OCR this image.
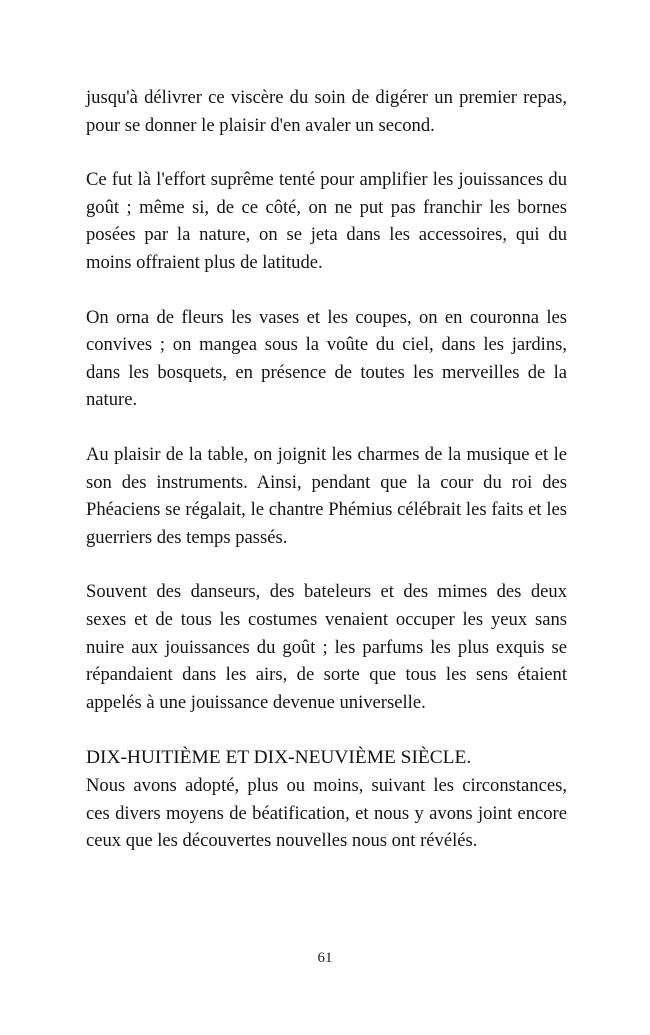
jusqu'à délivrer ce viscère du soin de digérer un premier repas, pour se donner le plaisir d'en avaler un second.

Ce fut là l'effort suprême tenté pour amplifier les jouissances du goût ; même si, de ce côté, on ne put pas franchir les bornes posées par la nature, on se jeta dans les accessoires, qui du moins offraient plus de latitude.

On orna de fleurs les vases et les coupes, on en couronna les convives ; on mangea sous la voûte du ciel, dans les jardins, dans les bosquets, en présence de toutes les merveilles de la nature.

Au plaisir de la table, on joignit les charmes de la musique et le son des instruments. Ainsi, pendant que la cour du roi des Phéaciens se régalait, le chantre Phémius célébrait les faits et les guerriers des temps passés.

Souvent des danseurs, des bateleurs et des mimes des deux sexes et de tous les costumes venaient occuper les yeux sans nuire aux jouissances du goût ; les parfums les plus exquis se répandaient dans les airs, de sorte que tous les sens étaient appelés à une jouissance devenue universelle.

DIX-HUITIÈME ET DIX-NEUVIÈME SIÈCLE.

Nous avons adopté, plus ou moins, suivant les circonstances, ces divers moyens de béatification, et nous y avons joint encore ceux que les découvertes nouvelles nous ont révélés.

61
